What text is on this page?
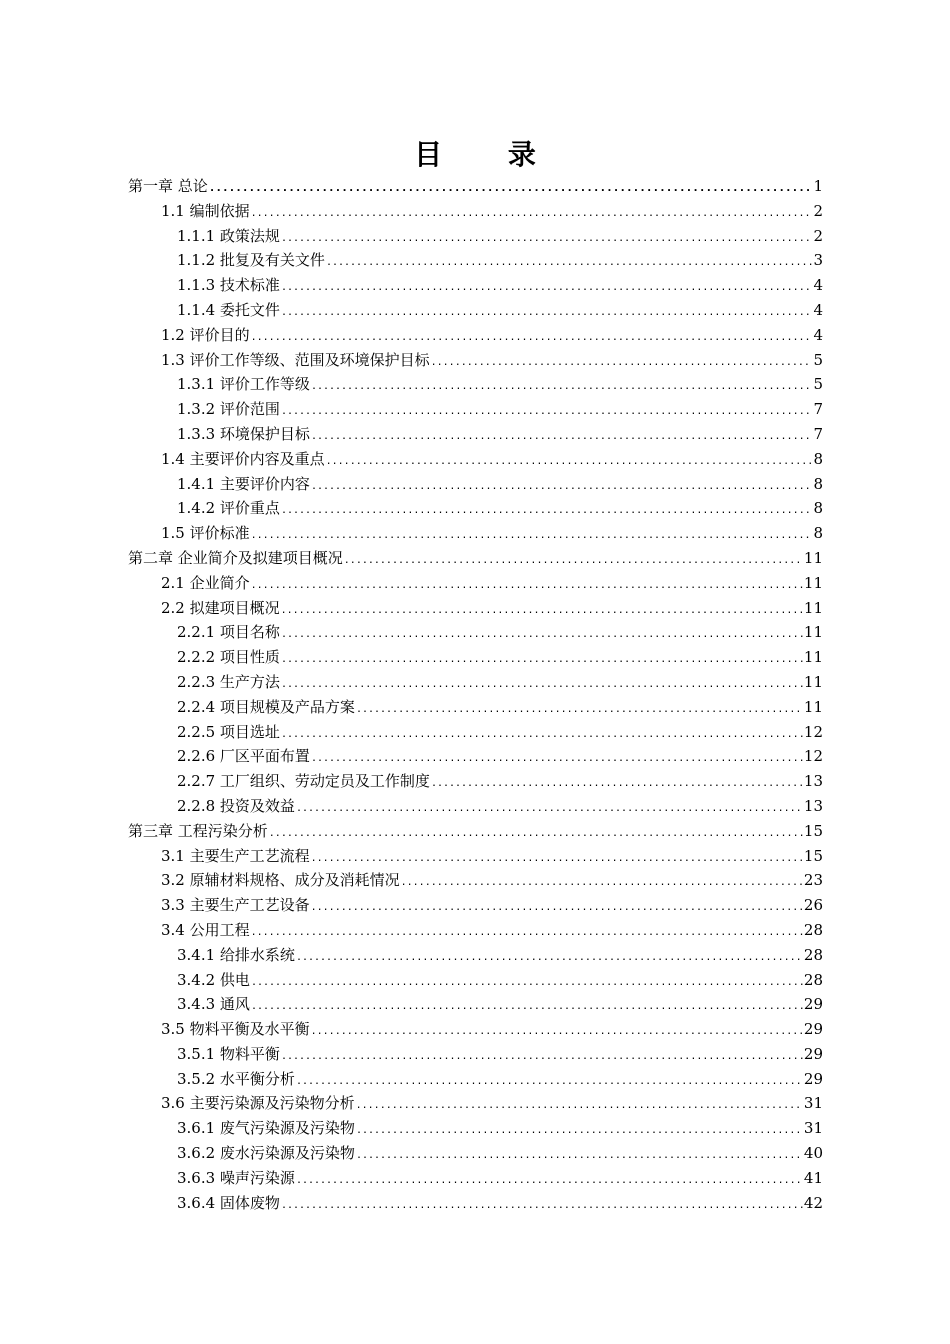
目 录
第一章 总论 .....	1
1.1 编制依据 .....	2
1.1.1 政策法规 .....	2
1.1.2 批复及有关文件 .....	3
1.1.3 技术标准 .....	4
1.1.4 委托文件 .....	4
1.2 评价目的 .....	4
1.3 评价工作等级、范围及环境保护目标 .....	5
1.3.1 评价工作等级 .....	5
1.3.2 评价范围 .....	7
1.3.3 环境保护目标 .....	7
1.4 主要评价内容及重点 .....	8
1.4.1 主要评价内容 .....	8
1.4.2 评价重点 .....	8
1.5 评价标准 .....	8
第二章 企业简介及拟建项目概况 .....	11
2.1 企业简介 .....	11
2.2 拟建项目概况 .....	11
2.2.1 项目名称 .....	11
2.2.2 项目性质 .....	11
2.2.3 生产方法 .....	11
2.2.4 项目规模及产品方案 .....	11
2.2.5 项目选址 .....	12
2.2.6 厂区平面布置 .....	12
2.2.7 工厂组织、劳动定员及工作制度 .....	13
2.2.8 投资及效益 .....	13
第三章 工程污染分析 .....	15
3.1 主要生产工艺流程 .....	15
3.2 原辅材料规格、成分及消耗情况 .....	23
3.3 主要生产工艺设备 .....	26
3.4 公用工程 .....	28
3.4.1 给排水系统 .....	28
3.4.2 供电 .....	28
3.4.3 通风 .....	29
3.5 物料平衡及水平衡 .....	29
3.5.1 物料平衡 .....	29
3.5.2 水平衡分析 .....	29
3.6 主要污染源及污染物分析 .....	31
3.6.1 废气污染源及污染物 .....	31
3.6.2 废水污染源及污染物 .....	40
3.6.3 噪声污染源 .....	41
3.6.4 固体废物 .....	42
